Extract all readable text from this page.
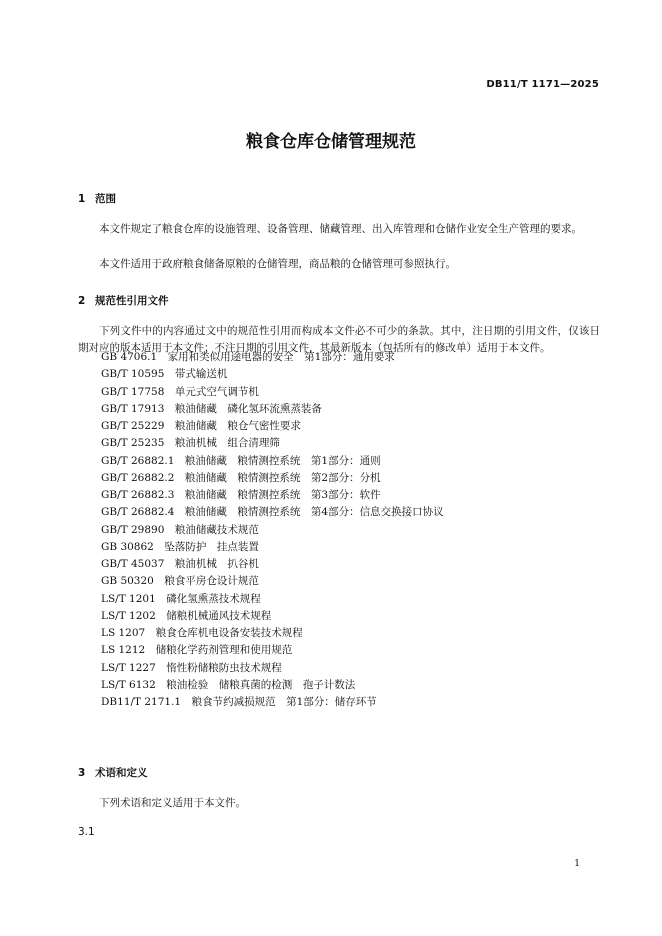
DB11/T 1171—2025
粮食仓库仓储管理规范
1 范围
本文件规定了粮食仓库的设施管理、设备管理、储藏管理、出入库管理和仓储作业安全生产管理的要求。
本文件适用于政府粮食储备原粮的仓储管理，商品粮的仓储管理可参照执行。
2 规范性引用文件
下列文件中的内容通过文中的规范性引用而构成本文件必不可少的条款。其中，注日期的引用文件，仅该日期对应的版本适用于本文件；不注日期的引用文件，其最新版本（包括所有的修改单）适用于本文件。
GB 4706.1　家用和类似用途电器的安全　第1部分：通用要求
GB/T 10595　带式输送机
GB/T 17758　单元式空气调节机
GB/T 17913　粮油储藏　磷化氢环流熏蒸装备
GB/T 25229　粮油储藏　粮仓气密性要求
GB/T 25235　粮油机械　组合清理筛
GB/T 26882.1　粮油储藏　粮情测控系统　第1部分：通则
GB/T 26882.2　粮油储藏　粮情测控系统　第2部分：分机
GB/T 26882.3　粮油储藏　粮情测控系统　第3部分：软件
GB/T 26882.4　粮油储藏　粮情测控系统　第4部分：信息交换接口协议
GB/T 29890　粮油储藏技术规范
GB 30862　坠落防护　挂点装置
GB/T 45037　粮油机械　扒谷机
GB 50320　粮食平房仓设计规范
LS/T 1201　磷化氢熏蒸技术规程
LS/T 1202　储粮机械通风技术规程
LS 1207　粮食仓库机电设备安装技术规程
LS 1212　储粮化学药剂管理和使用规范
LS/T 1227　惰性粉储粮防虫技术规程
LS/T 6132　粮油检验　储粮真菌的检测　孢子计数法
DB11/T 2171.1　粮食节约减损规范　第1部分：储存环节
3 术语和定义
下列术语和定义适用于本文件。
3.1
1
